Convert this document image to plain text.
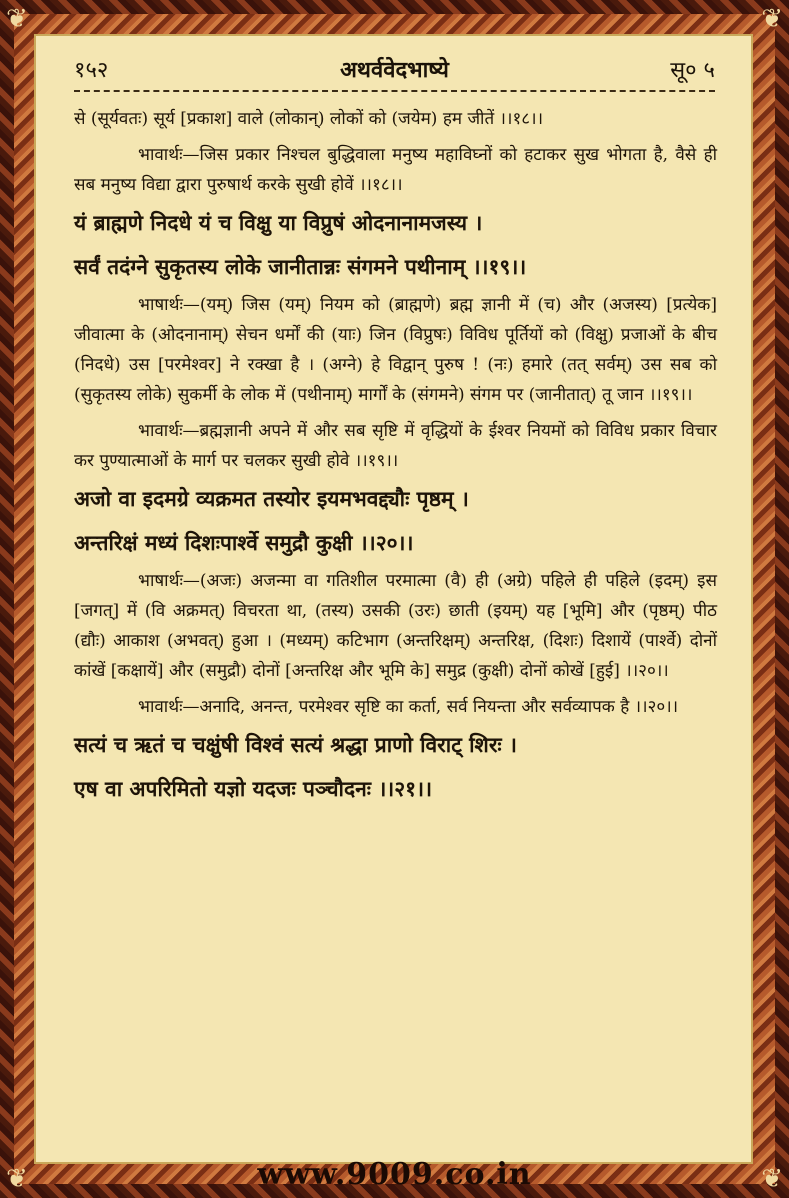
❦	❦
❦	❦
१५२	अथर्ववेदभाष्ये	सू० ५

से (सूर्यवतः) सूर्य [प्रकाश] वाले (लोकान्) लोकों को (जयेम) हम जीतें ।।१८।।

भावार्थः—जिस प्रकार निश्चल बुद्धिवाला मनुष्य महाविघ्नों को हटाकर सुख भोगता है, वैसे ही सब मनुष्य विद्या द्वारा पुरुषार्थ करके सुखी होवें ।।१८।।

यं ब्राह्मणे निदधे यं च विक्षु या विप्रुषं ओदनानामजस्य ।

सर्वं तदंग्ने सुकृतस्य लोके जानीतान्नः संगमने पथीनाम् ।।१९।।

भाषार्थः—(यम्) जिस (यम्) नियम को (ब्राह्मणे) ब्रह्म ज्ञानी में (च) और (अजस्य) [प्रत्येक] जीवात्मा के (ओदनानाम्) सेचन धर्मों की (याः) जिन (विप्रुषः) विविध पूर्तियों को (विक्षु) प्रजाओं के बीच (निदधे) उस [परमेश्वर] ने रक्खा है । (अग्ने) हे विद्वान् पुरुष ! (नः) हमारे (तत् सर्वम्) उस सब को (सुकृतस्य लोके) सुकर्मी के लोक में (पथीनाम्) मार्गों के (संगमने) संगम पर (जानीतात्) तू जान ।।१९।।

भावार्थः—ब्रह्मज्ञानी अपने में और सब सृष्टि में वृद्धियों के ईश्वर नियमों को विविध प्रकार विचार कर पुण्यात्माओं के मार्ग पर चलकर सुखी होवे ।।१९।।

अजो वा इदमग्रे व्यक्रमत तस्योर इयमभवद्द्यौः पृष्ठम् ।

अन्तरिक्षं मध्यं दिशःपार्श्वे समुद्रौ कुक्षी ।।२०।।

भाषार्थः—(अजः) अजन्मा वा गतिशील परमात्मा (वै) ही (अग्रे) पहिले ही पहिले (इदम्) इस [जगत्] में (वि अक्रमत्) विचरता था, (तस्य) उसकी (उरः) छाती (इयम्) यह [भूमि] और (पृष्ठम्) पीठ (द्यौः) आकाश (अभवत्) हुआ । (मध्यम्) कटिभाग (अन्तरिक्षम्) अन्तरिक्ष, (दिशः) दिशायें (पार्श्वे) दोनों कांखें [कक्षायें] और (समुद्रौ) दोनों [अन्तरिक्ष और भूमि के] समुद्र (कुक्षी) दोनों कोखें [हुई] ।।२०।।

भावार्थः—अनादि, अनन्त, परमेश्वर सृष्टि का कर्ता, सर्व नियन्ता और सर्वव्यापक है ।।२०।।

सत्यं च ऋतं च चक्षुंषी विश्वं सत्यं श्रद्धा प्राणो विराट् शिरः ।

एष वा अपरिमितो यज्ञो यदजः पञ्चौदनः ।।२१।।

www.9009.co.in
